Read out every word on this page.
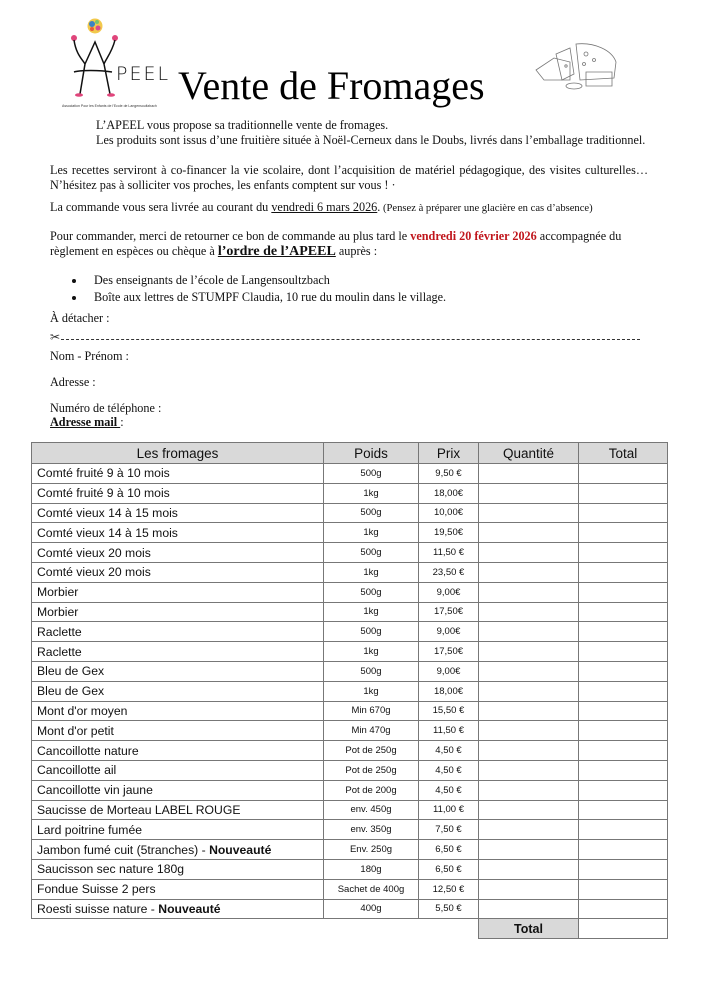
PEEL
Association Pour les Enfants de l'Ecole de Langensoultzbach Vente de Fromages
L’APEEL vous propose sa traditionnelle vente de fromages.
Les produits sont issus d’une fruitière située à Noël-Cerneux dans le Doubs, livrés dans l’emballage traditionnel.
Les recettes serviront à co-financer la vie scolaire, dont l’acquisition de matériel pédagogique, des visites culturelles… N’hésitez pas à solliciter vos proches, les enfants comptent sur vous ! ·
La commande vous sera livrée au courant du vendredi 6 mars 2026. (Pensez à préparer une glacière en cas d’absence)
Pour commander, merci de retourner ce bon de commande au plus tard le vendredi 20 février 2026 accompagnée du règlement en espèces ou chèque à l’ordre de l’APEEL auprès :
Des enseignants de l’école de Langensoultzbach
Boîte aux lettres de STUMPF Claudia, 10 rue du moulin dans le village.
À détacher :
✂
Nom - Prénom :
Adresse :
Numéro de téléphone :
Adresse mail :
Les fromages	Poids	Prix	Quantité	Total
Comté fruité 9 à 10 mois	500g	9,50 €		
Comté fruité 9 à 10 mois	1kg	18,00€		
Comté vieux 14 à 15 mois	500g	10,00€		
Comté vieux 14 à 15 mois	1kg	19,50€		
Comté vieux 20 mois	500g	11,50 €		
Comté vieux 20 mois	1kg	23,50 €		
Morbier	500g	9,00€		
Morbier	1kg	17,50€		
Raclette	500g	9,00€		
Raclette	1kg	17,50€		
Bleu de Gex	500g	9,00€		
Bleu de Gex	1kg	18,00€		
Mont d'or moyen	Min 670g	15,50 €		
Mont d'or petit	Min 470g	11,50 €		
Cancoillotte nature	Pot de 250g	4,50 €		
Cancoillotte ail	Pot de 250g	4,50 €		
Cancoillotte vin jaune	Pot de 200g	4,50 €		
Saucisse de Morteau LABEL ROUGE	env. 450g	11,00 €		
Lard poitrine fumée	env. 350g	7,50 €		
Jambon fumé cuit (5tranches) - Nouveauté	Env. 250g	6,50 €		
Saucisson sec nature 180g	180g	6,50 €		
Fondue Suisse 2 pers	Sachet de 400g	12,50 €		
Roesti suisse nature - Nouveauté	400g	5,50 €		
			Total	
